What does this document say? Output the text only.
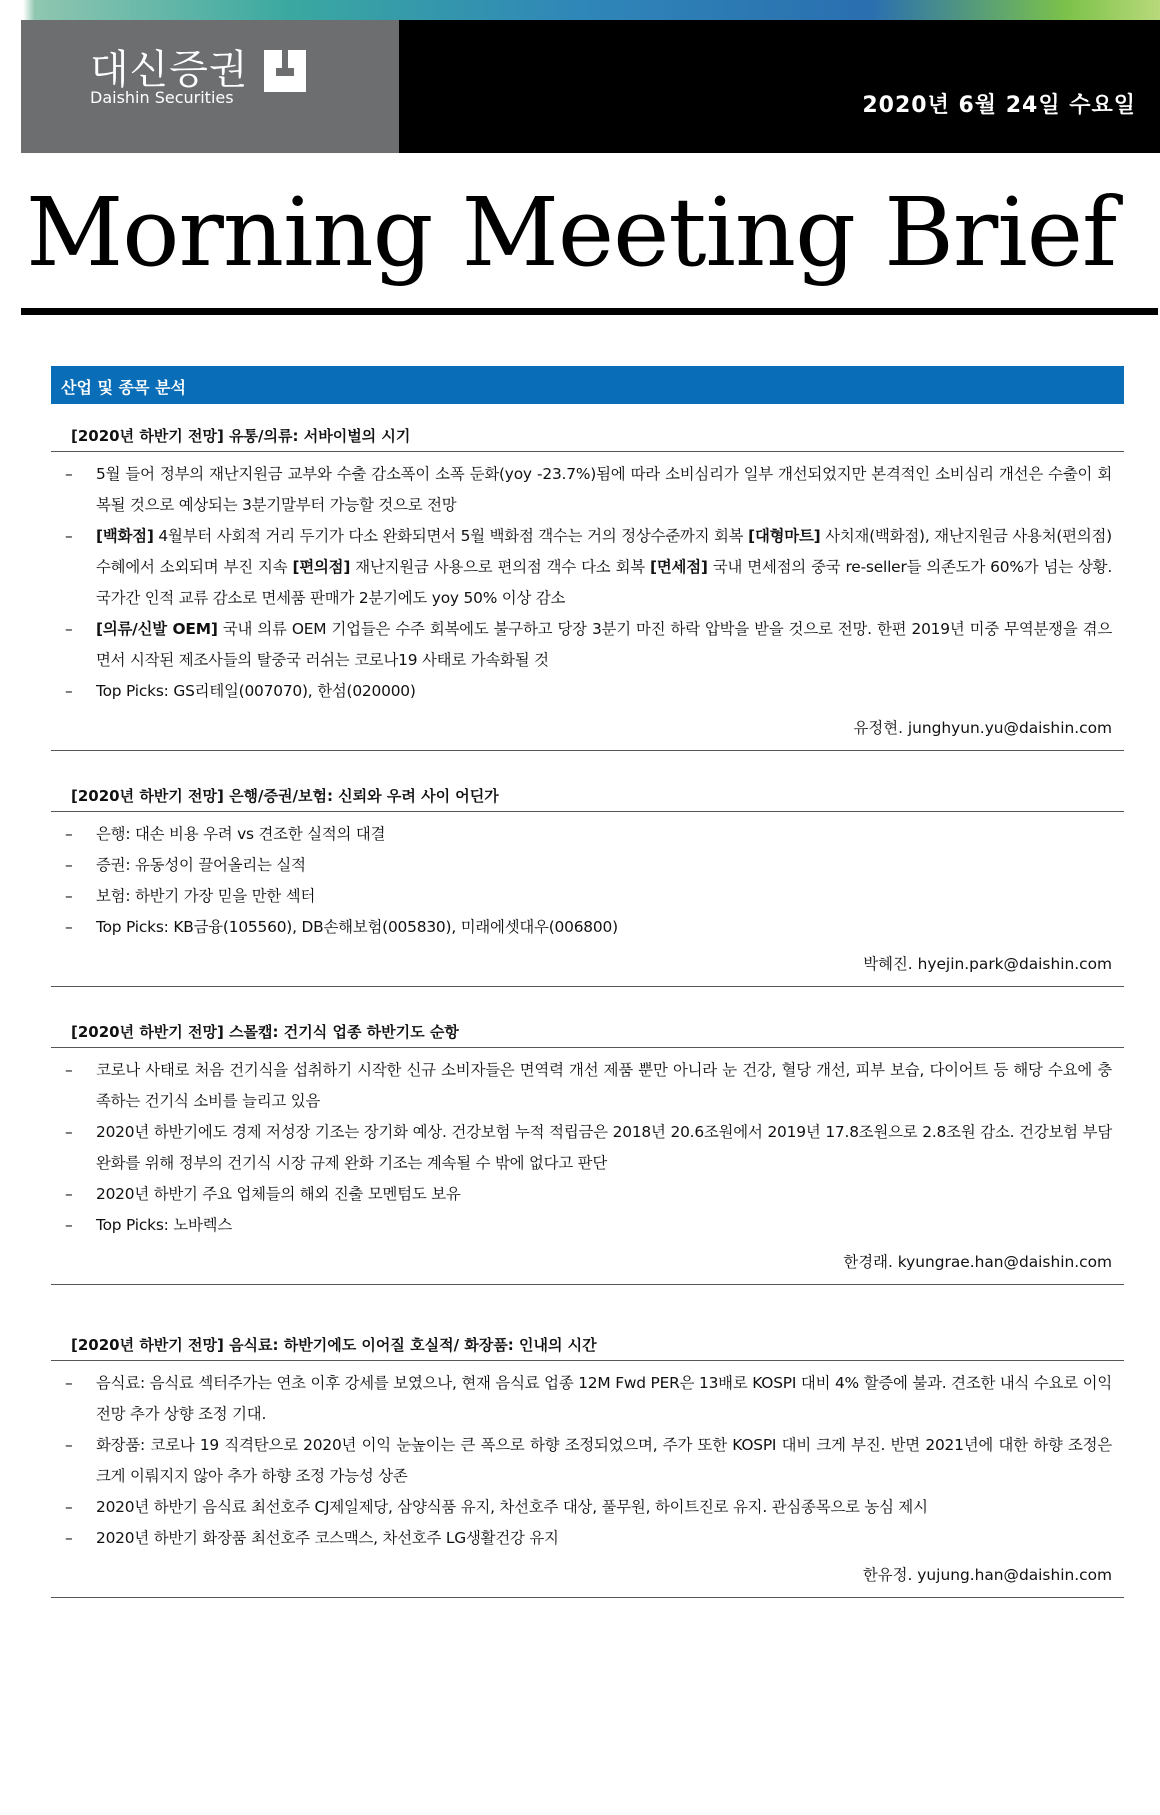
대신증권
Daishin Securities	2020년 6월 24일 수요일
Morning Meeting Brief
산업 및 종목 분석
[2020년 하반기 전망] 유통/의류: 서바이벌의 시기
– 5월 들어 정부의 재난지원금 교부와 수출 감소폭이 소폭 둔화(yoy -23.7%)됨에 따라 소비심리가 일부 개선되었지만 본격적인 소비심리 개선은 수출이 회복될 것으로 예상되는 3분기말부터 가능할 것으로 전망
– [백화점] 4월부터 사회적 거리 두기가 다소 완화되면서 5월 백화점 객수는 거의 정상수준까지 회복 [대형마트] 사치재(백화점), 재난지원금 사용처(편의점) 수혜에서 소외되며 부진 지속 [편의점] 재난지원금 사용으로 편의점 객수 다소 회복 [면세점] 국내 면세점의 중국 re-seller들 의존도가 60%가 넘는 상황. 국가간 인적 교류 감소로 면세품 판매가 2분기에도 yoy 50% 이상 감소
– [의류/신발 OEM] 국내 의류 OEM 기업들은 수주 회복에도 불구하고 당장 3분기 마진 하락 압박을 받을 것으로 전망. 한편 2019년 미중 무역분쟁을 겪으면서 시작된 제조사들의 탈중국 러쉬는 코로나19 사태로 가속화될 것
– Top Picks: GS리테일(007070), 한섬(020000)
유정현. junghyun.yu@daishin.com
[2020년 하반기 전망] 은행/증권/보험: 신뢰와 우려 사이 어딘가
– 은행: 대손 비용 우려 vs 견조한 실적의 대결
– 증권: 유동성이 끌어올리는 실적
– 보험: 하반기 가장 믿을 만한 섹터
– Top Picks: KB금융(105560), DB손해보험(005830), 미래에셋대우(006800)
박혜진. hyejin.park@daishin.com
[2020년 하반기 전망] 스몰캡: 건기식 업종 하반기도 순항
– 코로나 사태로 처음 건기식을 섭취하기 시작한 신규 소비자들은 면역력 개선 제품 뿐만 아니라 눈 건강, 혈당 개선, 피부 보습, 다이어트 등 해당 수요에 충족하는 건기식 소비를 늘리고 있음
– 2020년 하반기에도 경제 저성장 기조는 장기화 예상. 건강보험 누적 적립금은 2018년 20.6조원에서 2019년 17.8조원으로 2.8조원 감소. 건강보험 부담 완화를 위해 정부의 건기식 시장 규제 완화 기조는 계속될 수 밖에 없다고 판단
– 2020년 하반기 주요 업체들의 해외 진출 모멘텀도 보유
– Top Picks: 노바렉스
한경래. kyungrae.han@daishin.com
[2020년 하반기 전망] 음식료: 하반기에도 이어질 호실적/ 화장품: 인내의 시간
– 음식료: 음식료 섹터주가는 연초 이후 강세를 보였으나, 현재 음식료 업종 12M Fwd PER은 13배로 KOSPI 대비 4% 할증에 불과. 견조한 내식 수요로 이익 전망 추가 상향 조정 기대.
– 화장품: 코로나 19 직격탄으로 2020년 이익 눈높이는 큰 폭으로 하향 조정되었으며, 주가 또한 KOSPI 대비 크게 부진. 반면 2021년에 대한 하향 조정은 크게 이뤄지지 않아 추가 하향 조정 가능성 상존
– 2020년 하반기 음식료 최선호주 CJ제일제당, 삼양식품 유지, 차선호주 대상, 풀무원, 하이트진로 유지. 관심종목으로 농심 제시
– 2020년 하반기 화장품 최선호주 코스맥스, 차선호주 LG생활건강 유지
한유정. yujung.han@daishin.com
